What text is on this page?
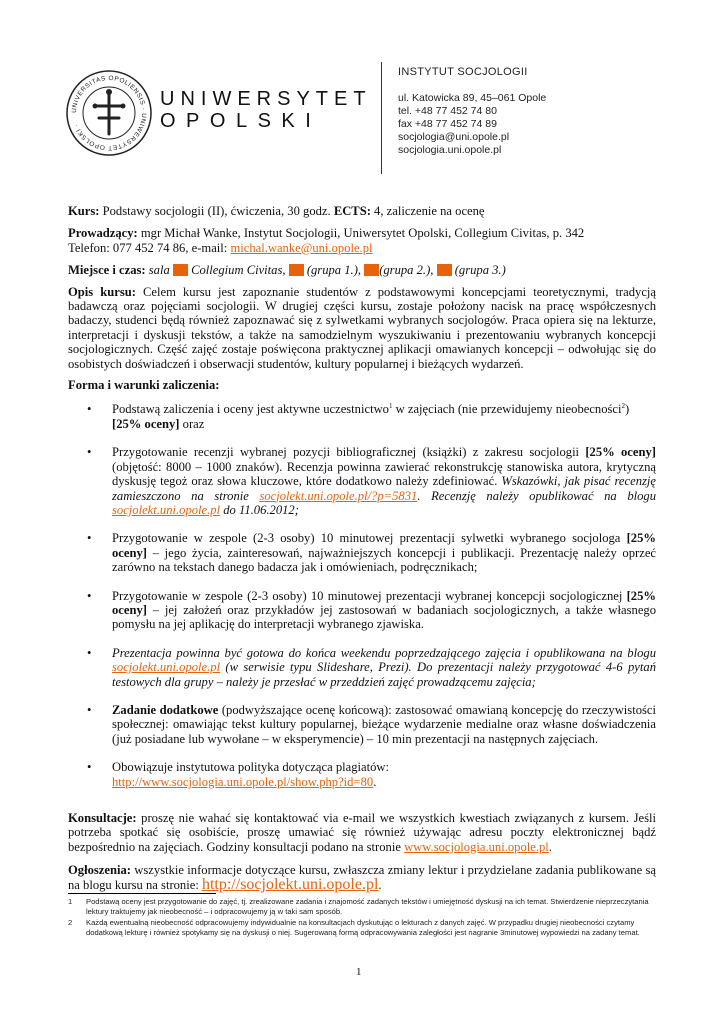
UNIVERSITAS OPOLIENSIS · UNIWERSYTET OPOLSKI ·
UNIWERSYTET
OPOLSKI
INSTYTUT SOCJOLOGII
ul. Katowicka 89, 45–061 Opole
tel. +48 77 452 74 80
fax +48 77 452 74 89
socjologia@uni.opole.pl
socjologia.uni.opole.pl

Kurs: Podstawy socjologii (II), ćwiczenia, 30 godz. ECTS: 4, zaliczenie na ocenę

Prowadzący: mgr Michał Wanke, Instytut Socjologii, Uniwersytet Opolski, Collegium Civitas, p. 342
Telefon: 077 452 74 86, e-mail: michal.wanke@uni.opole.pl

Miejsce i czas: sala  Collegium Civitas,  (grupa 1.), (grupa 2.),  (grupa 3.)

Opis kursu: Celem kursu jest zapoznanie studentów z podstawowymi koncepcjami teoretycznymi, tradycją badawczą oraz pojęciami socjologii. W drugiej części kursu, zostaje położony nacisk na pracę współczesnych badaczy, studenci będą również zapoznawać się z sylwetkami wybranych socjologów. Praca opiera się na lekturze, interpretacji i dyskusji tekstów, a także na samodzielnym wyszukiwaniu i prezentowaniu wybranych koncepcji socjologicznych. Część zajęć zostaje poświęcona praktycznej aplikacji omawianych koncepcji – odwołując się do osobistych doświadczeń i obserwacji studentów, kultury popularnej i bieżących wydarzeń.

Forma i warunki zaliczenia:

• Podstawą zaliczenia i oceny jest aktywne uczestnictwo$^1$ w zajęciach (nie przewidujemy nieobecności$^2$)
[25% oceny] oraz
• Przygotowanie recenzji wybranej pozycji bibliograficznej (książki) z zakresu socjologii [25% oceny] (objętość: 8000 – 1000 znaków). Recenzja powinna zawierać rekonstrukcję stanowiska autora, krytyczną dyskusję tegoż oraz słowa kluczowe, które dodatkowo należy zdefiniować. Wskazówki, jak pisać recenzję zamieszczono na stronie socjolekt.uni.opole.pl/?p=5831. Recenzję należy opublikować na blogu socjolekt.uni.opole.pl do 11.06.2012;
• Przygotowanie w zespole (2-3 osoby) 10 minutowej prezentacji sylwetki wybranego socjologa [25% oceny] – jego życia, zainteresowań, najważniejszych koncepcji i publikacji. Prezentację należy oprzeć zarówno na tekstach danego badacza jak i omówieniach, podręcznikach;
• Przygotowanie w zespole (2-3 osoby) 10 minutowej prezentacji wybranej koncepcji socjologicznej [25% oceny] – jej założeń oraz przykładów jej zastosowań w badaniach socjologicznych, a także własnego pomysłu na jej aplikację do interpretacji wybranego zjawiska.
• Prezentacja powinna być gotowa do końca weekendu poprzedzającego zajęcia i opublikowana na blogu socjolekt.uni.opole.pl (w serwisie typu Slideshare, Prezi). Do prezentacji należy przygotować 4-6 pytań testowych dla grupy – należy je przesłać w przeddzień zajęć prowadzącemu zajęcia;
• Zadanie dodatkowe (podwyższające ocenę końcową): zastosować omawianą koncepcję do rzeczywistości społecznej: omawiając tekst kultury popularnej, bieżące wydarzenie medialne oraz własne doświadczenia (już posiadane lub wywołane – w eksperymencie) – 10 min prezentacji na następnych zajęciach.
• Obowiązuje instytutowa polityka dotycząca plagiatów:
http://www.socjologia.uni.opole.pl/show.php?id=80.

Konsultacje: proszę nie wahać się kontaktować via e-mail we wszystkich kwestiach związanych z kursem. Jeśli potrzeba spotkać się osobiście, proszę umawiać się również używając adresu poczty elektronicznej bądź bezpośrednio na zajęciach. Godziny konsultacji podano na stronie www.socjologia.uni.opole.pl.

Ogłoszenia: wszystkie informacje dotyczące kursu, zwłaszcza zmiany lektur i przydzielane zadania publikowane są na blogu kursu na stronie: http://socjolekt.uni.opole.pl.

1 Podstawą oceny jest przygotowanie do zajęć, tj. zrealizowane zadania i znajomość zadanych tekstów i umiejętność dyskusji na ich temat. Stwierdzenie nieprzeczytania lektury traktujemy jak nieobecność – i odpracowujemy ją w taki sam sposób.
2 Każdą ewentualną nieobecność odpracowujemy indywidualnie na konsultacjach dyskutując o lekturach z danych zajęć. W przypadku drugiej nieobecności czytamy dodatkową lekturę i również spotykamy się na dyskusji o niej. Sugerowaną formą odpracowywania zaległości jest nagranie 3minutowej wypowiedzi na zadany temat.
1
